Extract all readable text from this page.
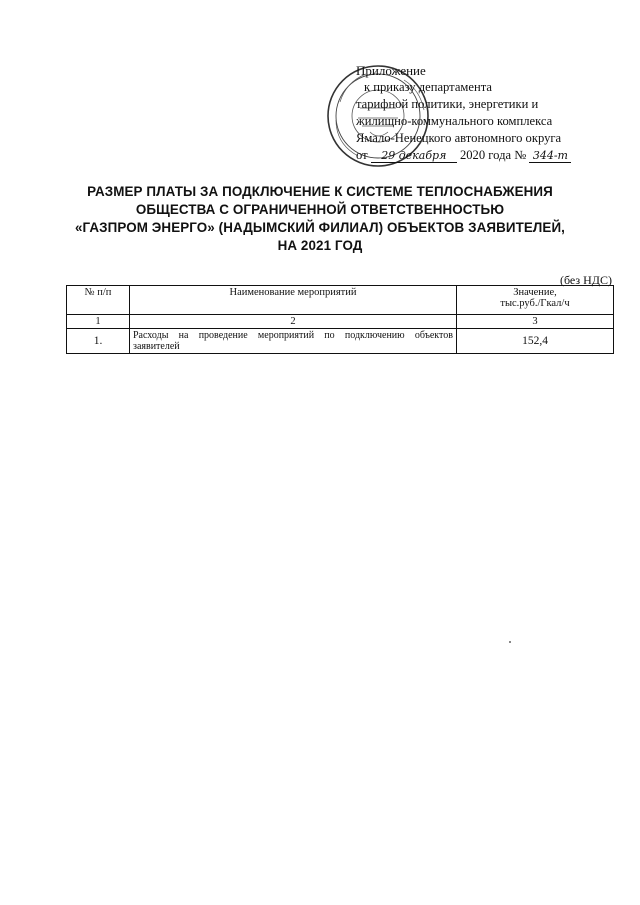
Приложение
к приказу департамента
тарифной политики, энергетики и
жилищно-коммунального комплекса
Ямало-Ненецкого автономного округа
от 29 декабря 2020 года № 344-т
РАЗМЕР ПЛАТЫ ЗА ПОДКЛЮЧЕНИЕ К СИСТЕМЕ ТЕПЛОСНАБЖЕНИЯ
ОБЩЕСТВА С ОГРАНИЧЕННОЙ ОТВЕТСТВЕННОСТЬЮ
«ГАЗПРОМ ЭНЕРГО» (НАДЫМСКИЙ ФИЛИАЛ) ОБЪЕКТОВ ЗАЯВИТЕЛЕЙ,
НА 2021 ГОД
(без НДС)
№ п/п	Наименование мероприятий	Значение,
тыс.руб./Гкал/ч

1	2	3
1.	Расходы на проведение мероприятий по подключению объектов заявителей	152,4
